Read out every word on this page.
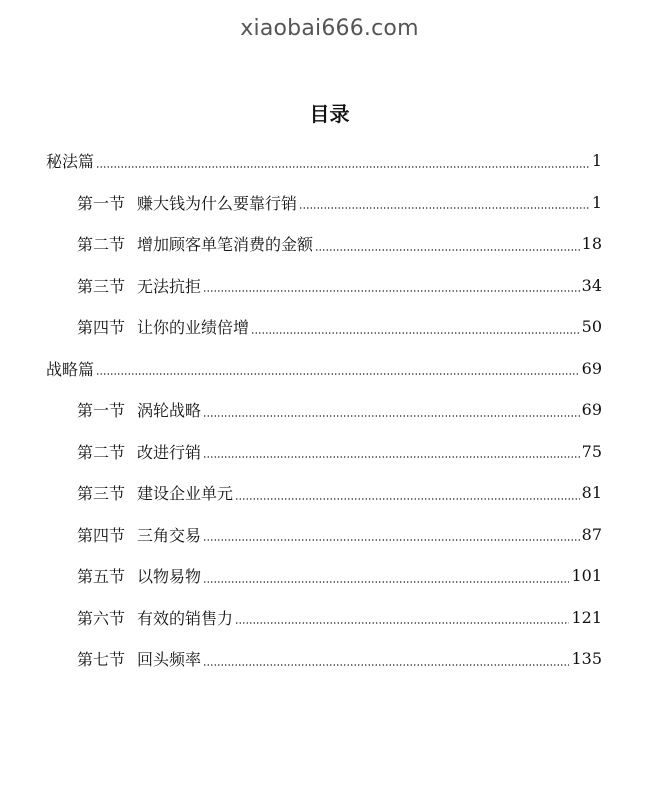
xiaobai666.com
目录
秘法篇	1
第一节 赚大钱为什么要靠行销	1
第二节 增加顾客单笔消费的金额	18
第三节 无法抗拒	34
第四节 让你的业绩倍增	50
战略篇	69
第一节 涡轮战略	69
第二节 改进行销	75
第三节 建设企业单元	81
第四节 三角交易	87
第五节 以物易物	101
第六节 有效的销售力	121
第七节 回头频率	135
